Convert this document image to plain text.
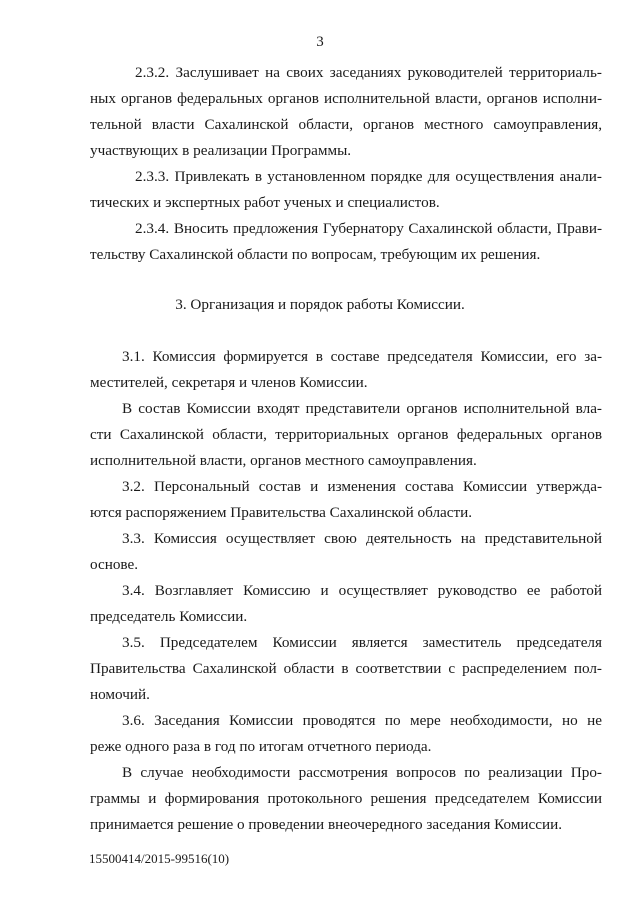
3
2.3.2. Заслушивает на своих заседаниях руководителей территориаль-
ных органов федеральных органов исполнительной власти, органов исполни-
тельной власти Сахалинской области, органов местного самоуправления,
участвующих в реализации Программы.
2.3.3. Привлекать в установленном порядке для осуществления анали-
тических и экспертных работ ученых и специалистов.
2.3.4. Вносить предложения Губернатору Сахалинской области, Прави-
тельству Сахалинской области по вопросам, требующим их решения.
3. Организация и порядок работы Комиссии.
3.1. Комиссия формируется в составе председателя Комиссии, его за-
местителей, секретаря и членов Комиссии.
В состав Комиссии входят представители органов исполнительной вла-
сти Сахалинской области, территориальных органов федеральных органов
исполнительной власти, органов местного самоуправления.
3.2. Персональный состав и изменения состава Комиссии утвержда-
ются распоряжением Правительства Сахалинской области.
3.3. Комиссия осуществляет свою деятельность на представительной
основе.
3.4. Возглавляет Комиссию и осуществляет руководство ее работой
председатель Комиссии.
3.5. Председателем Комиссии является заместитель председателя
Правительства Сахалинской области в соответствии с распределением пол-
номочий.
3.6. Заседания Комиссии проводятся по мере необходимости, но не
реже одного раза в год по итогам отчетного периода.
В случае необходимости рассмотрения вопросов по реализации Про-
граммы и формирования протокольного решения председателем Комиссии
принимается решение о проведении внеочередного заседания Комиссии.
15500414/2015-99516(10)
